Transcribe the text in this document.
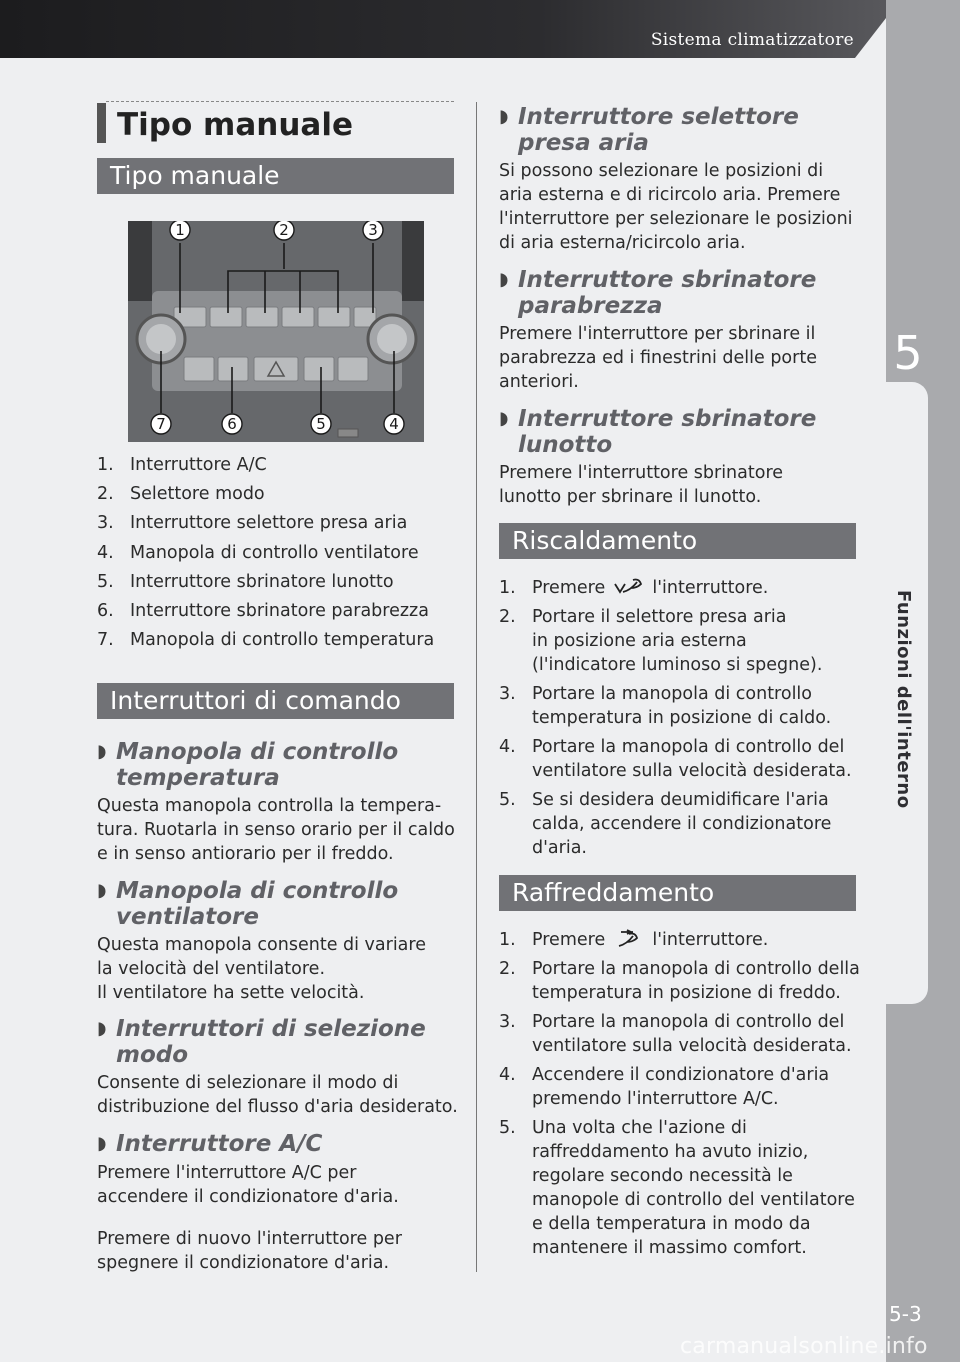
Sistema climatizzatore
5
Funzioni dell'interno
5-3
carmanualsonline.info
Tipo manuale
Tipo manuale
1	2	3
4
5
6
7
1. Interruttore A/C
2. Selettore modo
3. Interruttore selettore presa aria
4. Manopola di controllo ventilatore
5. Interruttore sbrinatore lunotto
6. Interruttore sbrinatore parabrezza
7. Manopola di controllo temperatura
Interruttori di comando
◗ Manopola di controllo
temperatura
Questa manopola controlla la tempera-
tura. Ruotarla in senso orario per il caldo
e in senso antiorario per il freddo.
◗ Manopola di controllo
ventilatore
Questa manopola consente di variare
la velocità del ventilatore.
Il ventilatore ha sette velocità.
◗ Interruttori di selezione
modo
Consente di selezionare il modo di
distribuzione del flusso d'aria desiderato.
◗ Interruttore A/C
Premere l'interruttore A/C per
accendere il condizionatore d'aria.
Premere di nuovo l'interruttore per
spegnere il condizionatore d'aria.
◗ Interruttore selettore
presa aria
Si possono selezionare le posizioni di
aria esterna e di ricircolo aria. Premere
l'interruttore per selezionare le posizioni
di aria esterna/ricircolo aria.
◗ Interruttore sbrinatore
parabrezza
Premere l'interruttore per sbrinare il
parabrezza ed i finestrini delle porte
anteriori.
◗ Interruttore sbrinatore
lunotto
Premere l'interruttore sbrinatore
lunotto per sbrinare il lunotto.
Riscaldamento
1. Premere	l'interruttore.
2. Portare il selettore presa aria
in posizione aria esterna
(l'indicatore luminoso si spegne).
3. Portare la manopola di controllo
temperatura in posizione di caldo.
4. Portare la manopola di controllo del
ventilatore sulla velocità desiderata.
5. Se si desidera deumidificare l'aria
calda, accendere il condizionatore
d'aria.
Raffreddamento
1. Premere	l'interruttore.
2. Portare la manopola di controllo della
temperatura in posizione di freddo.
3. Portare la manopola di controllo del
ventilatore sulla velocità desiderata.
4. Accendere il condizionatore d'aria
premendo l'interruttore A/C.
5. Una volta che l'azione di
raffreddamento ha avuto inizio,
regolare secondo necessità le
manopole di controllo del ventilatore
e della temperatura in modo da
mantenere il massimo comfort.
